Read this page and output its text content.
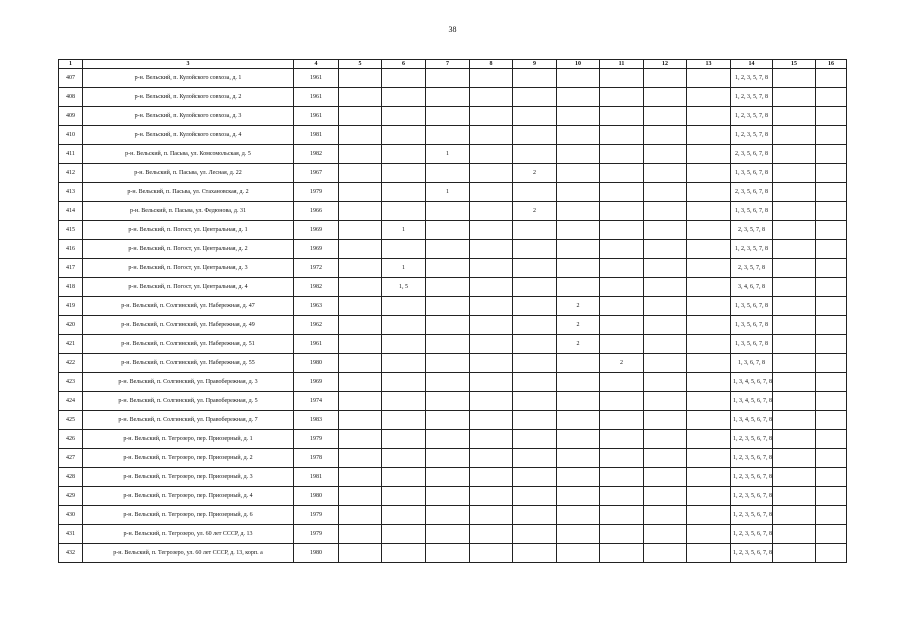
38
1	3	4	5	6	7	8	9	10	11	12	13	14	15	16
407	р-н. Вельский, п. Кулойского совхоза, д. 1	1961										1, 2, 3, 5, 7, 8		
408	р-н. Вельский, п. Кулойского совхоза, д. 2	1961										1, 2, 3, 5, 7, 8		
409	р-н. Вельский, п. Кулойского совхоза, д. 3	1961										1, 2, 3, 5, 7, 8		
410	р-н. Вельский, п. Кулойского совхоза, д. 4	1981										1, 2, 3, 5, 7, 8		
411	р-н. Вельский, п. Пасьва, ул. Комсомольская, д. 5	1982			1							2, 3, 5, 6, 7, 8		
412	р-н. Вельский, п. Пасьва, ул. Лесная, д. 22	1967					2					1, 3, 5, 6, 7, 8		
413	р-н. Вельский, п. Пасьва, ул. Стахановская, д. 2	1979			1							2, 3, 5, 6, 7, 8		
414	р-н. Вельский, п. Пасьва, ул. Федюнова, д. 31	1966					2					1, 3, 5, 6, 7, 8		
415	р-н. Вельский, п. Погост, ул. Центральная, д. 1	1969		1								2, 3, 5, 7, 8		
416	р-н. Вельский, п. Погост, ул. Центральная, д. 2	1969										1, 2, 3, 5, 7, 8		
417	р-н. Вельский, п. Погост, ул. Центральная, д. 3	1972		1								2, 3, 5, 7, 8		
418	р-н. Вельский, п. Погост, ул. Центральная, д. 4	1982		1, 5								3, 4, 6, 7, 8		
419	р-н. Вельский, п. Солгинский, ул. Набережная, д. 47	1963						2				1, 3, 5, 6, 7, 8		
420	р-н. Вельский, п. Солгинский, ул. Набережная, д. 49	1962						2				1, 3, 5, 6, 7, 8		
421	р-н. Вельский, п. Солгинский, ул. Набережная, д. 51	1961						2				1, 3, 5, 6, 7, 8		
422	р-н. Вельский, п. Солгинский, ул. Набережная, д. 55	1980							2			1, 3, 6, 7, 8		
423	р-н. Вельский, п. Солгинский, ул. Правобережная, д. 3	1969										1, 3, 4, 5, 6, 7, 8		
424	р-н. Вельский, п. Солгинский, ул. Правобережная, д. 5	1974										1, 3, 4, 5, 6, 7, 8		
425	р-н. Вельский, п. Солгинский, ул. Правобережная, д. 7	1983										1, 3, 4, 5, 6, 7, 8		
426	р-н. Вельский, п. Тегрозеро, пер. Приозерный, д. 1	1979										1, 2, 3, 5, 6, 7, 8		
427	р-н. Вельский, п. Тегрозеро, пер. Приозерный, д. 2	1978										1, 2, 3, 5, 6, 7, 8		
428	р-н. Вельский, п. Тегрозеро, пер. Приозерный, д. 3	1981										1, 2, 3, 5, 6, 7, 8		
429	р-н. Вельский, п. Тегрозеро, пер. Приозерный, д. 4	1980										1, 2, 3, 5, 6, 7, 8		
430	р-н. Вельский, п. Тегрозеро, пер. Приозерный, д. 6	1979										1, 2, 3, 5, 6, 7, 8		
431	р-н. Вельский, п. Тегрозеро, ул. 60 лет СССР, д. 13	1979										1, 2, 3, 5, 6, 7, 8		
432	р-н. Вельский, п. Тегрозеро, ул. 60 лет СССР, д. 13, корп. а	1980										1, 2, 3, 5, 6, 7, 8		
